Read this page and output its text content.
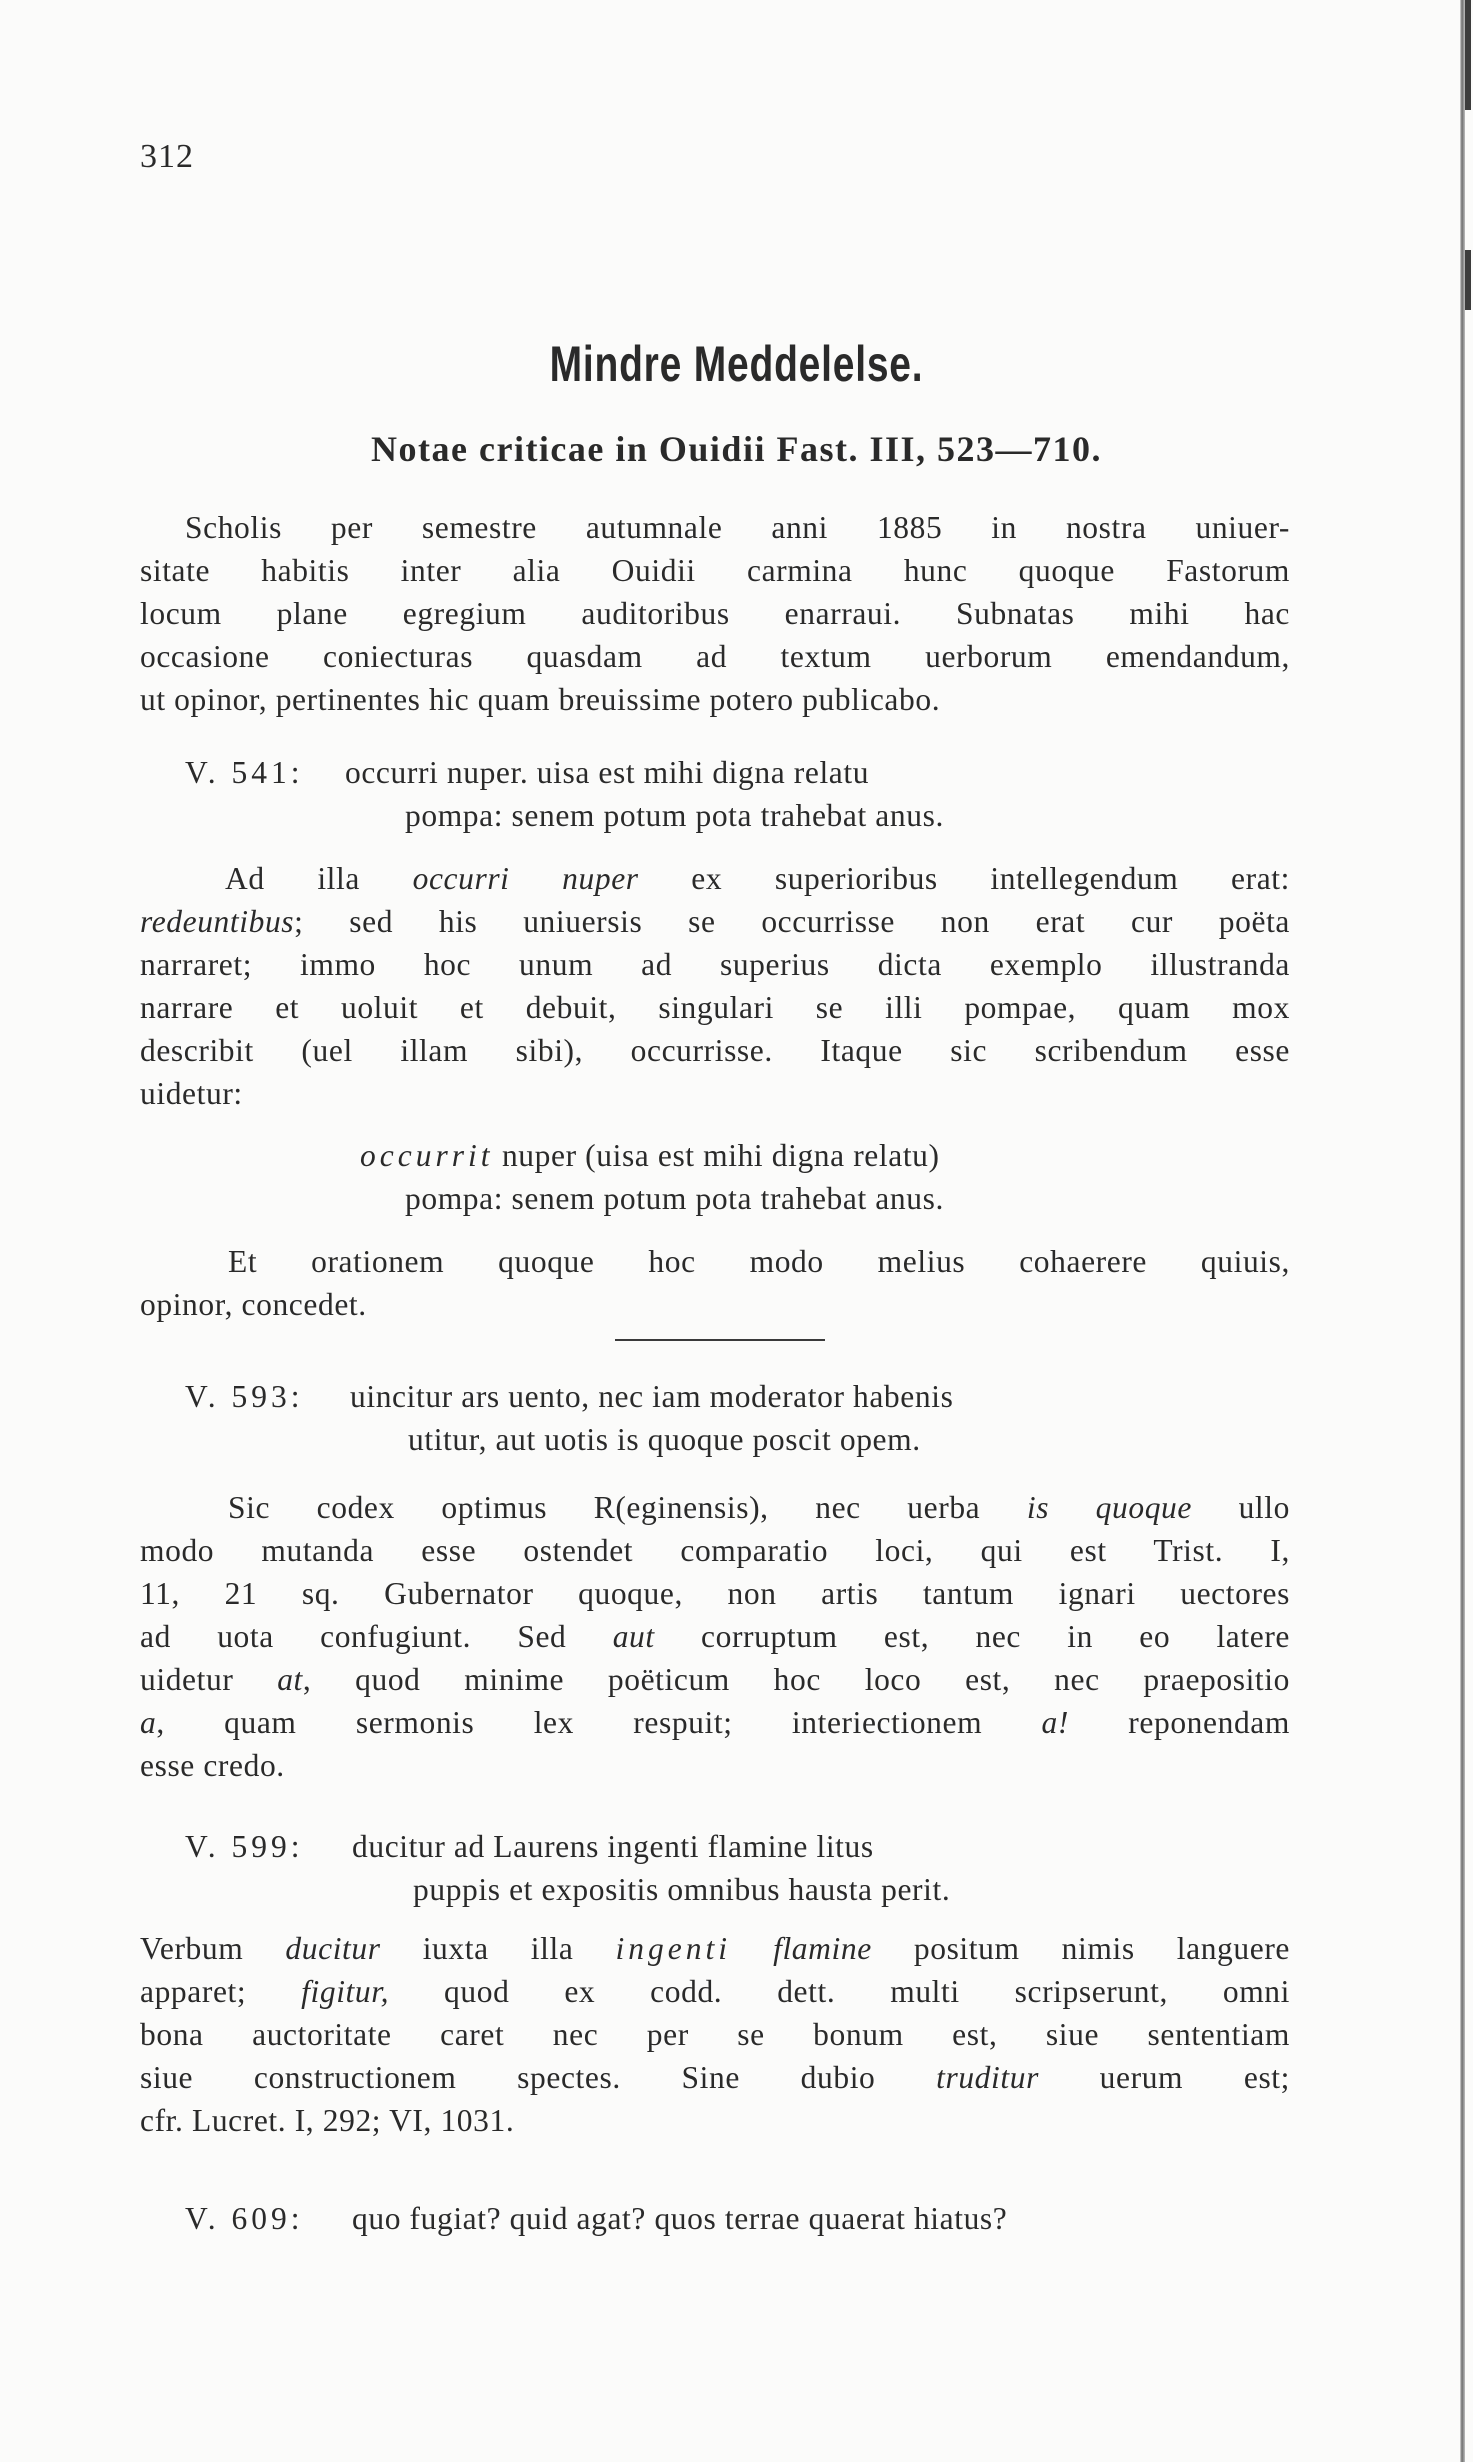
312
Mindre Meddelelse.
Notae criticae in Ouidii Fast. III, 523—710.
Scholis per semestre autumnale anni 1885 in nostra uniuer-
sitate habitis inter alia Ouidii carmina hunc quoque Fastorum
locum plane egregium auditoribus enarraui. Subnatas mihi hac
occasione coniecturas quasdam ad textum uerborum emendandum,
ut opinor, pertinentes hic quam breuissime potero publicabo.
V. 541: occurri nuper. uisa est mihi digna relatu
pompa: senem potum pota trahebat anus.
Ad illa occurri nuper ex superioribus intellegendum erat:
redeuntibus; sed his uniuersis se occurrisse non erat cur poëta
narraret; immo hoc unum ad superius dicta exemplo illustranda
narrare et uoluit et debuit, singulari se illi pompae, quam mox
describit (uel illam sibi), occurrisse. Itaque sic scribendum esse
uidetur:
occurrit nuper (uisa est mihi digna relatu)
pompa: senem potum pota trahebat anus.
Et orationem quoque hoc modo melius cohaerere quiuis,
opinor, concedet.
V. 593: uincitur ars uento, nec iam moderator habenis
utitur, aut uotis is quoque poscit opem.
Sic codex optimus R(eginensis), nec uerba is quoque ullo
modo mutanda esse ostendet comparatio loci, qui est Trist. I,
11, 21 sq. Gubernator quoque, non artis tantum ignari uectores
ad uota confugiunt. Sed aut corruptum est, nec in eo latere
uidetur at, quod minime poëticum hoc loco est, nec praepositio
a, quam sermonis lex respuit; interiectionem a! reponendam
esse credo.
V. 599: ducitur ad Laurens ingenti flamine litus
puppis et expositis omnibus hausta perit.
Verbum ducitur iuxta illa ingenti flamine positum nimis languere
apparet; figitur, quod ex codd. dett. multi scripserunt, omni
bona auctoritate caret nec per se bonum est, siue sententiam
siue constructionem spectes. Sine dubio truditur uerum est;
cfr. Lucret. I, 292; VI, 1031.
V. 609: quo fugiat? quid agat? quos terrae quaerat hiatus?
